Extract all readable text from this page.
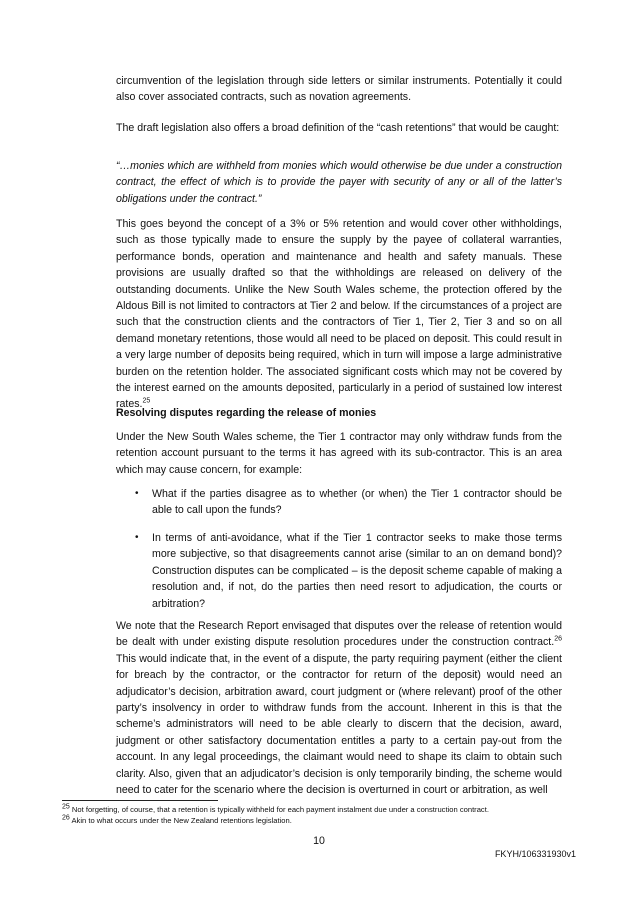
circumvention of the legislation through side letters or similar instruments. Potentially it could also cover associated contracts, such as novation agreements.

The draft legislation also offers a broad definition of the “cash retentions” that would be caught:

“…monies which are withheld from monies which would otherwise be due under a construction contract, the effect of which is to provide the payer with security of any or all of the latter’s obligations under the contract.”

This goes beyond the concept of a 3% or 5% retention and would cover other withholdings, such as those typically made to ensure the supply by the payee of collateral warranties, performance bonds, operation and maintenance and health and safety manuals. These provisions are usually drafted so that the withholdings are released on delivery of the outstanding documents. Unlike the New South Wales scheme, the protection offered by the Aldous Bill is not limited to contractors at Tier 2 and below. If the circumstances of a project are such that the construction clients and the contractors of Tier 1, Tier 2, Tier 3 and so on all demand monetary retentions, those would all need to be placed on deposit. This could result in a very large number of deposits being required, which in turn will impose a large administrative burden on the retention holder. The associated significant costs which may not be covered by the interest earned on the amounts deposited, particularly in a period of sustained low interest rates.$^{25}$

Resolving disputes regarding the release of monies

Under the New South Wales scheme, the Tier 1 contractor may only withdraw funds from the retention account pursuant to the terms it has agreed with its sub-contractor. This is an area which may cause concern, for example:

• What if the parties disagree as to whether (or when) the Tier 1 contractor should be able to call upon the funds?
• In terms of anti-avoidance, what if the Tier 1 contractor seeks to make those terms more subjective, so that disagreements cannot arise (similar to an on demand bond)? Construction disputes can be complicated – is the deposit scheme capable of making a resolution and, if not, do the parties then need resort to adjudication, the courts or arbitration?

We note that the Research Report envisaged that disputes over the release of retention would be dealt with under existing dispute resolution procedures under the construction contract.$^{26}$ This would indicate that, in the event of a dispute, the party requiring payment (either the client for breach by the contractor, or the contractor for return of the deposit) would need an adjudicator’s decision, arbitration award, court judgment or (where relevant) proof of the other party’s insolvency in order to withdraw funds from the account. Inherent in this is that the scheme’s administrators will need to be able clearly to discern that the decision, award, judgment or other satisfactory documentation entitles a party to a certain pay-out from the account. In any legal proceedings, the claimant would need to shape its claim to obtain such clarity. Also, given that an adjudicator’s decision is only temporarily binding, the scheme would need to cater for the scenario where the decision is overturned in court or arbitration, as well

$^{25}$ Not forgetting, of course, that a retention is typically withheld for each payment instalment due under a construction contract.
$^{26}$ Akin to what occurs under the New Zealand retentions legislation.
10
FKYH/106331930v1
